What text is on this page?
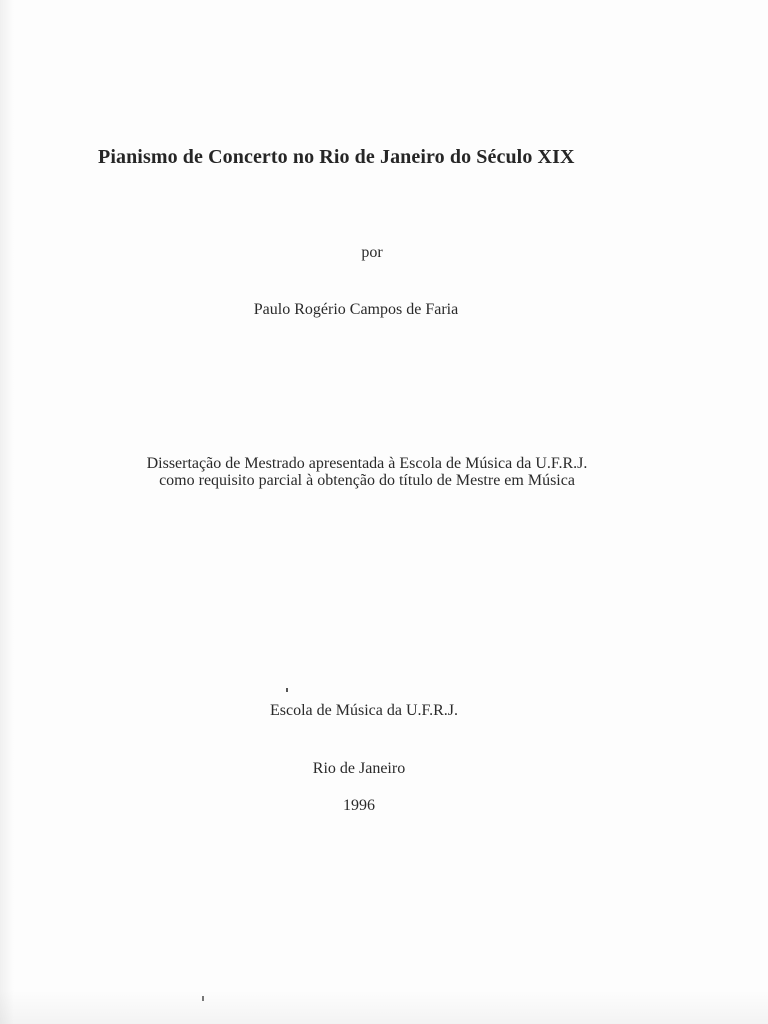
Pianismo de Concerto no Rio de Janeiro do Século XIX
por
Paulo Rogério Campos de Faria
Dissertação de Mestrado apresentada à Escola de Música da U.F.R.J.
como requisito parcial à obtenção do título de Mestre em Música
Escola de Música da U.F.R.J.
Rio de Janeiro
1996
